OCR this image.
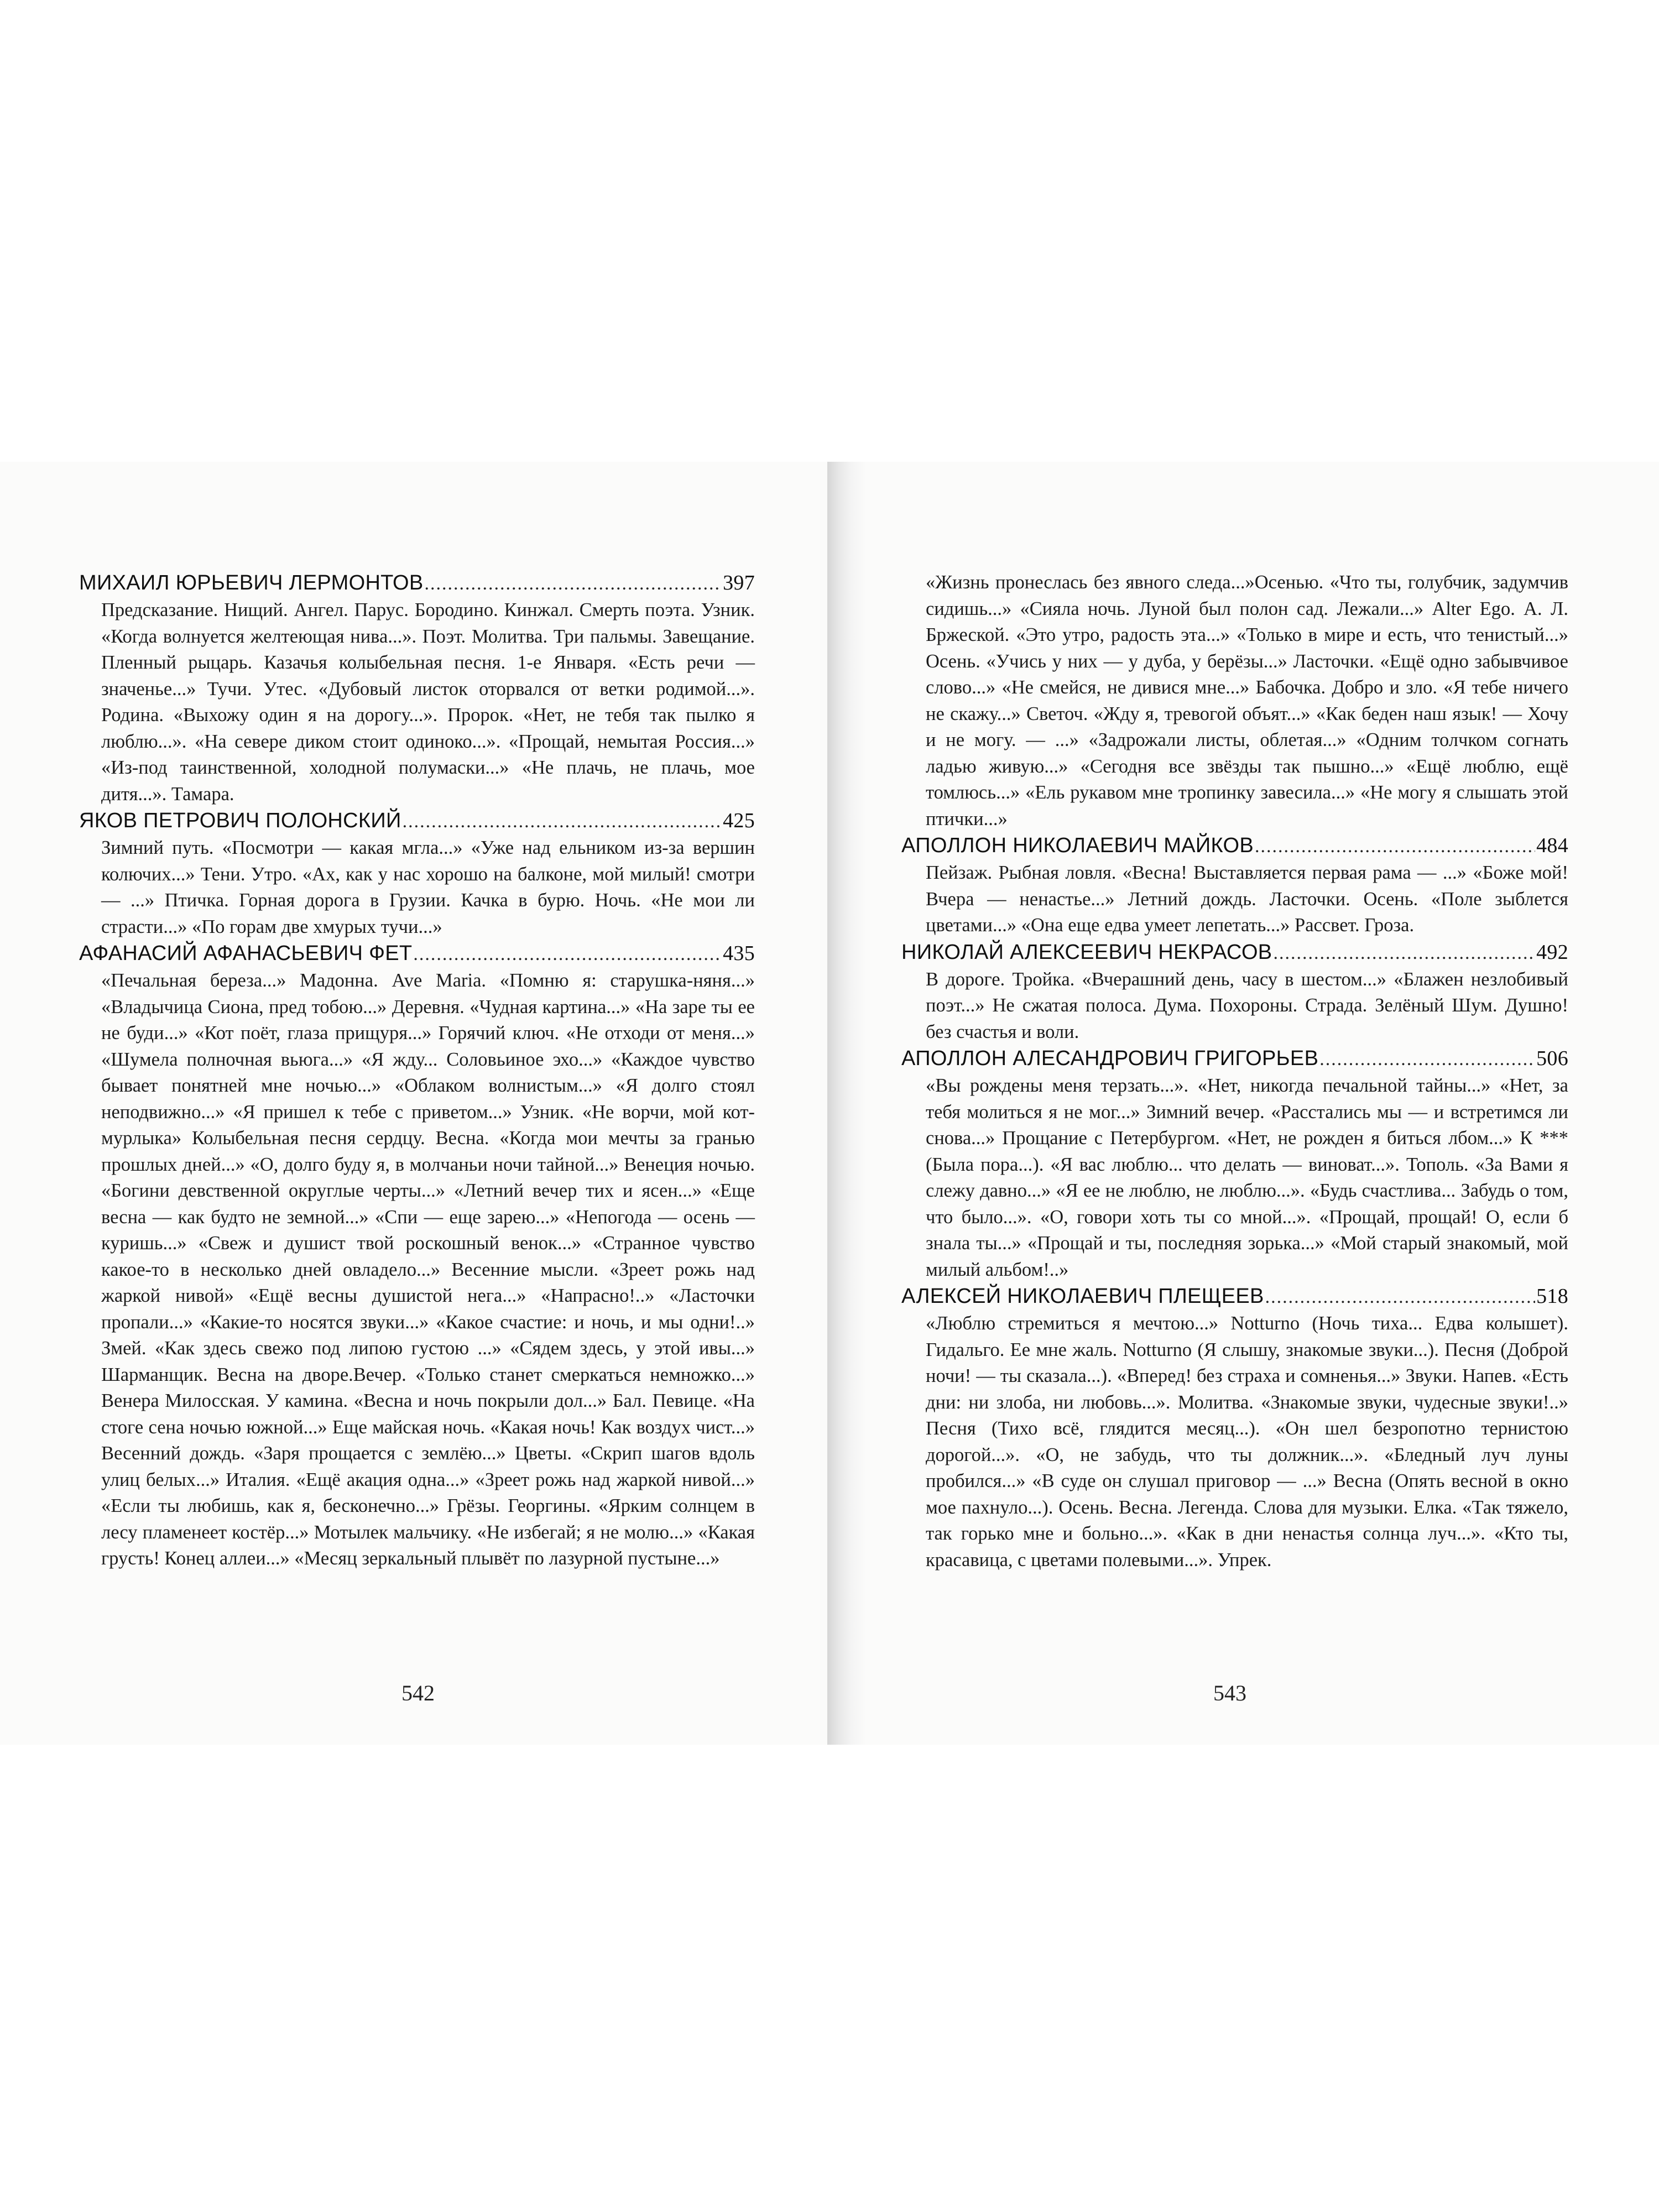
МИХАИЛ ЮРЬЕВИЧ ЛЕРМОНТОВ .....	397

Предсказание. Нищий. Ангел. Парус. Бородино. Кинжал. Смерть поэта. Узник. «Когда волнуется желтеющая нива...». Поэт. Молитва. Три пальмы. Завещание. Пленный рыцарь. Казачья колыбельная песня. 1-е Января. «Есть речи — значенье...» Тучи. Утес. «Дубовый листок оторвался от ветки родимой...». Родина. «Выхожу один я на дорогу...». Пророк. «Нет, не тебя так пылко я люблю...». «На севере диком стоит одиноко...». «Прощай, немытая Россия...» «Из-под таинственной, холодной полумаски...» «Не плачь, не плачь, мое дитя...». Тамара.

ЯКОВ ПЕТРОВИЧ ПОЛОНСКИЙ .....	425

Зимний путь. «Посмотри — какая мгла...» «Уже над ельником из-за вершин колючих...» Тени. Утро. «Ах, как у нас хорошо на балконе, мой милый! смотри — ...» Птичка. Горная дорога в Грузии. Качка в бурю. Ночь. «Не мои ли страсти...» «По горам две хмурых тучи...»

АФАНАСИЙ АФАНАСЬЕВИЧ ФЕТ .....	435

«Печальная береза...» Мадонна. Ave Maria. «Помню я: старушка-няня...» «Владычица Сиона, пред тобою...» Деревня. «Чудная картина...» «На заре ты ее не буди...» «Кот поёт, глаза прищуря...» Горячий ключ. «Не отходи от меня...» «Шумела полночная вьюга...» «Я жду... Соловьиное эхо...» «Каждое чувство бывает понятней мне ночью...» «Облаком волнистым...» «Я долго стоял неподвижно...» «Я пришел к тебе с приветом...» Узник. «Не ворчи, мой кот-мурлыка» Колыбельная песня сердцу. Весна. «Когда мои мечты за гранью прошлых дней...» «О, долго буду я, в молчаньи ночи тайной...» Венеция ночью. «Богини девственной округлые черты...» «Летний вечер тих и ясен...» «Еще весна — как будто не земной...» «Спи — еще зарею...» «Непогода — осень — куришь...» «Свеж и душист твой роскошный венок...» «Странное чувство какое-то в несколько дней овладело...» Весенние мысли. «Зреет рожь над жаркой нивой» «Ещё весны душистой нега...» «Напрасно!..» «Ласточки пропали...» «Какие-то носятся звуки...» «Какое счастие: и ночь, и мы одни!..» Змей. «Как здесь свежо под липою густою ...» «Сядем здесь, у этой ивы...» Шарманщик. Весна на дворе.Вечер. «Только станет смеркаться немножко...» Венера Милосская. У камина. «Весна и ночь покрыли дол...» Бал. Певице. «На стоге сена ночью южной...» Еще майская ночь. «Какая ночь! Как воздух чист...» Весенний дождь. «Заря прощается с землёю...» Цветы. «Скрип шагов вдоль улиц белых...» Италия. «Ещё акация одна...» «Зреет рожь над жаркой нивой...» «Если ты любишь, как я, бесконечно...» Грёзы. Георгины. «Ярким солнцем в лесу пламенеет костёр...» Мотылек мальчику. «Не избегай; я не молю...» «Какая грусть! Конец аллеи...» «Месяц зеркальный плывёт по лазурной пустыне...»

542

«Жизнь пронеслась без явного следа...»Осенью. «Что ты, голубчик, задумчив сидишь...» «Сияла ночь. Луной был полон сад. Лежали...» Alter Ego. А. Л. Бржеской. «Это утро, радость эта...» «Только в мире и есть, что тенистый...» Осень. «Учись у них — у дуба, у берёзы...» Ласточки. «Ещё одно забывчивое слово...» «Не смейся, не дивися мне...» Бабочка. Добро и зло. «Я тебе ничего не скажу...» Светоч. «Жду я, тревогой объят...» «Как беден наш язык! — Хочу и не могу. — ...» «Задрожали листы, облетая...» «Одним толчком согнать ладью живую...» «Сегодня все звёзды так пышно...» «Ещё люблю, ещё томлюсь...» «Ель рукавом мне тропинку завесила...» «Не могу я слышать этой птички...»

АПОЛЛОН НИКОЛАЕВИЧ МАЙКОВ .....	484

Пейзаж. Рыбная ловля. «Весна! Выставляется первая рама — ...» «Боже мой! Вчера — ненастье...» Летний дождь. Ласточки. Осень. «Поле зыблется цветами...» «Она еще едва умеет лепетать...» Рассвет. Гроза.

НИКОЛАЙ АЛЕКСЕЕВИЧ НЕКРАСОВ .....	492

В дороге. Тройка. «Вчерашний день, часу в шестом...» «Блажен незлобивый поэт...» Не сжатая полоса. Дума. Похороны. Страда. Зелёный Шум. Душно! без счастья и воли.

АПОЛЛОН АЛЕСАНДРОВИЧ ГРИГОРЬЕВ .....	506

«Вы рождены меня терзать...». «Нет, никогда печальной тайны...» «Нет, за тебя молиться я не мог...» Зимний вечер. «Расстались мы — и встретимся ли снова...» Прощание с Петербургом. «Нет, не рожден я биться лбом...» К *** (Была пора...). «Я вас люблю... что делать — виноват...». Тополь. «За Вами я слежу давно...» «Я ее не люблю, не люблю...». «Будь счастлива... Забудь о том, что было...». «О, говори хоть ты со мной...». «Прощай, прощай! О, если б знала ты...» «Прощай и ты, последняя зорька...» «Мой старый знакомый, мой милый альбом!..»

АЛЕКСЕЙ НИКОЛАЕВИЧ ПЛЕЩЕЕВ .....	518

«Люблю стремиться я мечтою...» Notturno (Ночь тиха... Едва колышет). Гидальго. Ее мне жаль. Notturno (Я слышу, знакомые звуки...). Песня (Доброй ночи! — ты сказала...). «Вперед! без страха и сомненья...» Звуки. Напев. «Есть дни: ни злоба, ни любовь...». Молитва. «Знакомые звуки, чудесные звуки!..» Песня (Тихо всё, глядится месяц...). «Он шел безропотно тернистою дорогой...». «О, не забудь, что ты должник...». «Бледный луч луны пробился...» «В суде он слушал приговор — ...» Весна (Опять весной в окно мое пахнуло...). Осень. Весна. Легенда. Слова для музыки. Елка. «Так тяжело, так горько мне и больно...». «Как в дни ненастья солнца луч...». «Кто ты, красавица, с цветами полевыми...». Упрек.

543
